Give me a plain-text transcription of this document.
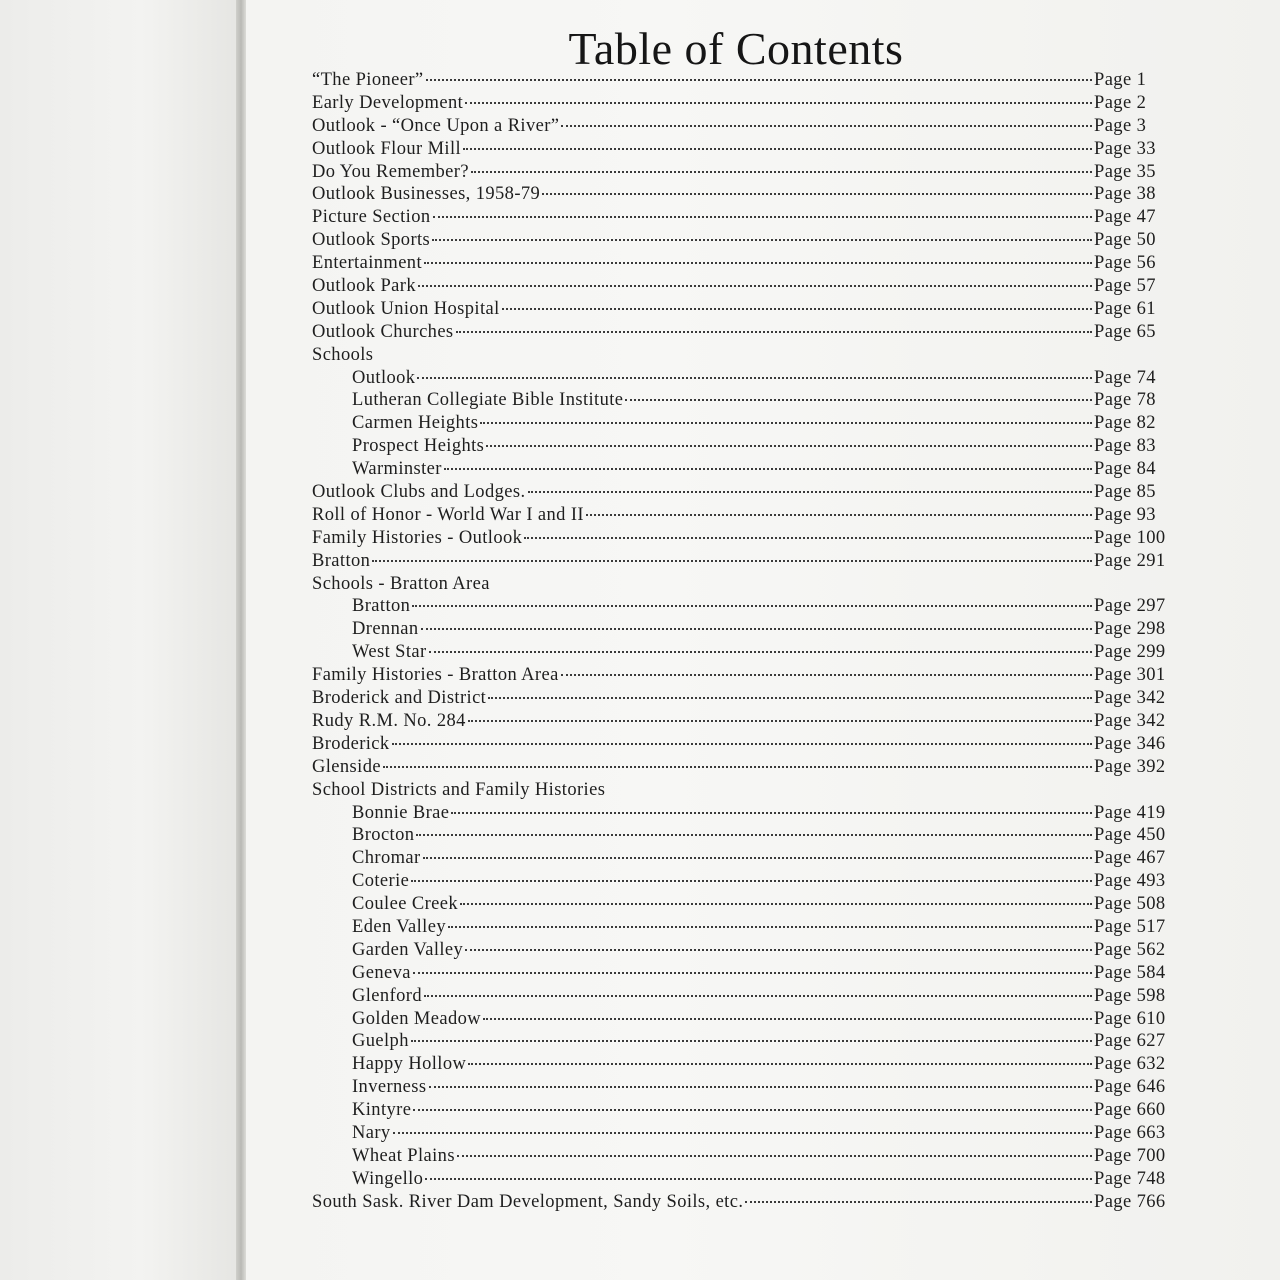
Table of Contents
“The Pioneer”	Page 1
Early Development	Page 2
Outlook - “Once Upon a River”	Page 3
Outlook Flour Mill	Page 33
Do You Remember?	Page 35
Outlook Businesses, 1958-79	Page 38
Picture Section	Page 47
Outlook Sports	Page 50
Entertainment	Page 56
Outlook Park	Page 57
Outlook Union Hospital	Page 61
Outlook Churches	Page 65
Schools
Outlook	Page 74
Lutheran Collegiate Bible Institute	Page 78
Carmen Heights	Page 82
Prospect Heights	Page 83
Warminster	Page 84
Outlook Clubs and Lodges.	Page 85
Roll of Honor - World War I and II	Page 93
Family Histories - Outlook	Page 100
Bratton	Page 291
Schools - Bratton Area
Bratton	Page 297
Drennan	Page 298
West Star	Page 299
Family Histories - Bratton Area	Page 301
Broderick and District	Page 342
Rudy R.M. No. 284	Page 342
Broderick	Page 346
Glenside	Page 392
School Districts and Family Histories
Bonnie Brae	Page 419
Brocton	Page 450
Chromar	Page 467
Coterie	Page 493
Coulee Creek	Page 508
Eden Valley	Page 517
Garden Valley	Page 562
Geneva	Page 584
Glenford	Page 598
Golden Meadow	Page 610
Guelph	Page 627
Happy Hollow	Page 632
Inverness	Page 646
Kintyre	Page 660
Nary	Page 663
Wheat Plains	Page 700
Wingello	Page 748
South Sask. River Dam Development, Sandy Soils, etc.	Page 766
